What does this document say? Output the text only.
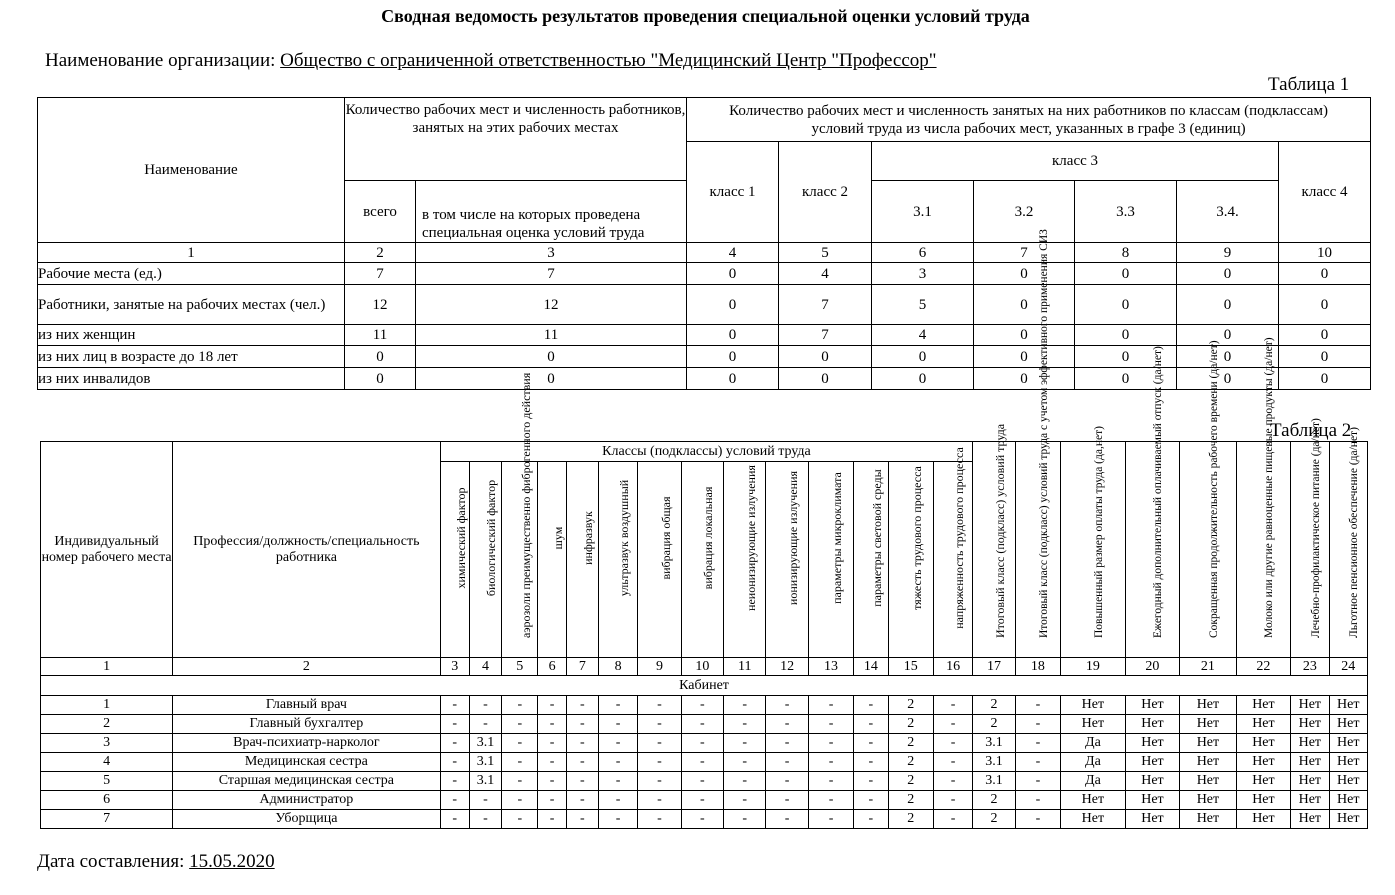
Сводная ведомость результатов проведения специальной оценки условий труда
Наименование организации: Общество с ограниченной ответственностью "Медицинский Центр "Профессор"
Таблица 1
Наименование	Количество рабочих мест и численность работников, занятых на этих рабочих местах		Количество рабочих мест и численность занятых на них работников по классам (подклассам) условий труда из числа рабочих мест, указанных в графе 3 (единиц)						
			класс 1	класс 2	класс 3				класс 4
	всего	в том числе на которых проведена специальная оценка условий труда			3.1	3.2	3.3	3.4.	
1	2	3	4	5	6	7	8	9	10
Рабочие места (ед.)	7	7	0	4	3	0	0	0	0
Работники, занятые на рабочих местах (чел.)	12	12	0	7	5	0	0	0	0
из них женщин	11	11	0	7	4	0	0	0	0
из них лиц в возрасте до 18 лет	0	0	0	0	0	0	0	0	0
из них инвалидов	0	0	0	0	0	0	0	0	0
Таблица 2
Индивидуальный номер рабочего места	Профессия/должность/специальность работника	Классы (подклассы) условий труда														Итоговый класс (подкласс) условий труда	Итоговый класс (подкласс) условий труда с учетом эффективного применения СИЗ	Повышенный размер оплаты труда (да,нет)	Ежегодный дополнительный оплачиваемый отпуск (да/нет)	Сокращенная продолжительность рабочего времени (да/нет)	Молоко или другие равноценные пищевые продукты (да/нет)	Лечебно-профилактическое питание (да/нет)	Льготное пенсионное обеспечение (да/нет)

		химический фактор	биологический фактор	аэрозоли преимущественно фиброгенного действия	шум	инфразвук	ультразвук воздушный	вибрация общая	вибрация локальная	неионизирующие излучения	ионизирующие излучения	параметры микроклимата	параметры световой среды	тяжесть трудового процесса	напряженность трудового процесса								

1	2	3	4	5	6	7	8	9	10	11	12	13	14	15	16	17	18	19	20	21	22	23	24
Кабинет																							
1	Главный врач	-	-	-	-	-	-	-	-	-	-	-	-	2	-	2	-	Нет	Нет	Нет	Нет	Нет	Нет
2	Главный бухгалтер	-	-	-	-	-	-	-	-	-	-	-	-	2	-	2	-	Нет	Нет	Нет	Нет	Нет	Нет
3	Врач-психиатр-нарколог	-	3.1	-	-	-	-	-	-	-	-	-	-	2	-	3.1	-	Да	Нет	Нет	Нет	Нет	Нет
4	Медицинская сестра	-	3.1	-	-	-	-	-	-	-	-	-	-	2	-	3.1	-	Да	Нет	Нет	Нет	Нет	Нет
5	Старшая медицинская сестра	-	3.1	-	-	-	-	-	-	-	-	-	-	2	-	3.1	-	Да	Нет	Нет	Нет	Нет	Нет
6	Администратор	-	-	-	-	-	-	-	-	-	-	-	-	2	-	2	-	Нет	Нет	Нет	Нет	Нет	Нет
7	Уборщица	-	-	-	-	-	-	-	-	-	-	-	-	2	-	2	-	Нет	Нет	Нет	Нет	Нет	Нет
Дата составления: 15.05.2020
